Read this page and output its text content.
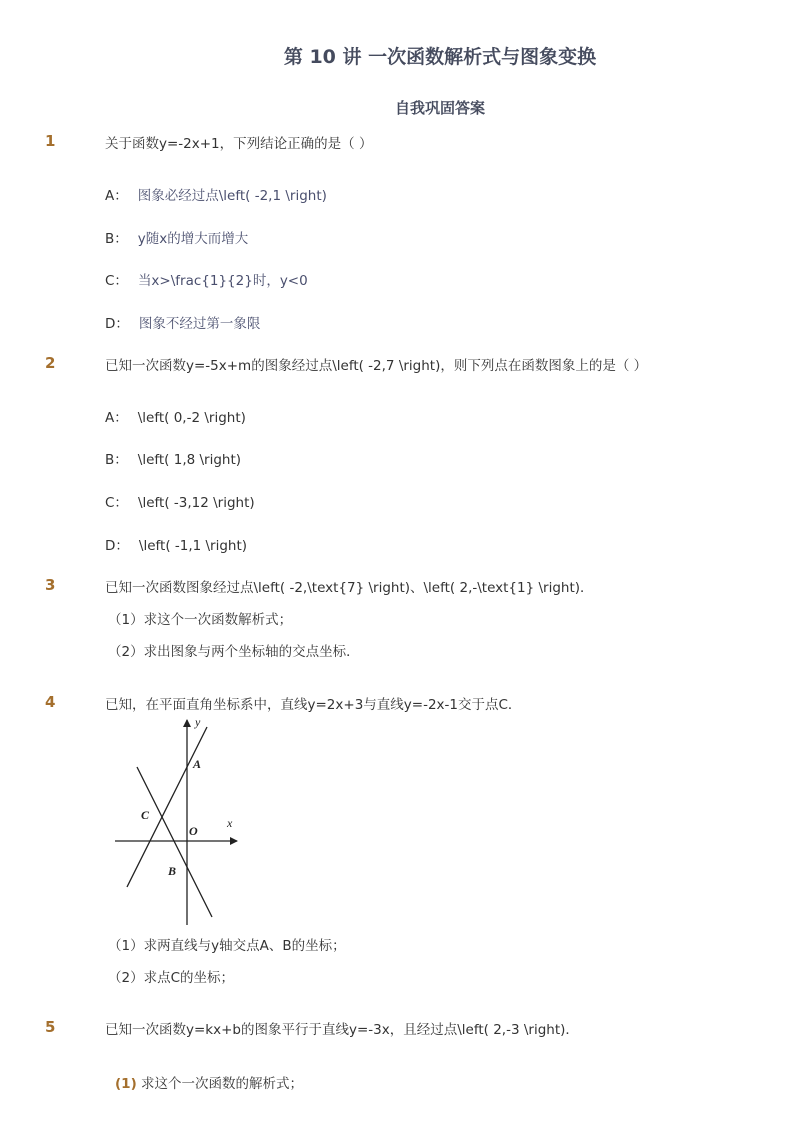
第 10 讲 一次函数解析式与图象变换
自我巩固答案
1	关于函数y=-2x+1，下列结论正确的是（ ）
A： 图象必经过点\left( -2,1 \right)
B： y随x的增大而增大
C： 当x>\frac{1}{2}时，y<0
D： 图象不经过第一象限
2	已知一次函数y=-5x+m的图象经过点\left( -2,7 \right)，则下列点在函数图象上的是（ ）
A： \left( 0,-2 \right)
B： \left( 1,8 \right)
C： \left( -3,12 \right)
D： \left( -1,1 \right)
3	已知一次函数图象经过点\left( -2,\text{7} \right)、\left( 2,-\text{1} \right)．
（1）求这个一次函数解析式；
（2）求出图象与两个坐标轴的交点坐标．
4	已知，在平面直角坐标系中，直线y=2x+3与直线y=-2x-1交于点C．
y
x
A
C
O
B
（1）求两直线与y轴交点A、B的坐标；
（2）求点C的坐标；
5	已知一次函数y=kx+b的图象平行于直线y=-3x，且经过点\left( 2,-3 \right)．
(1) 求这个一次函数的解析式；
